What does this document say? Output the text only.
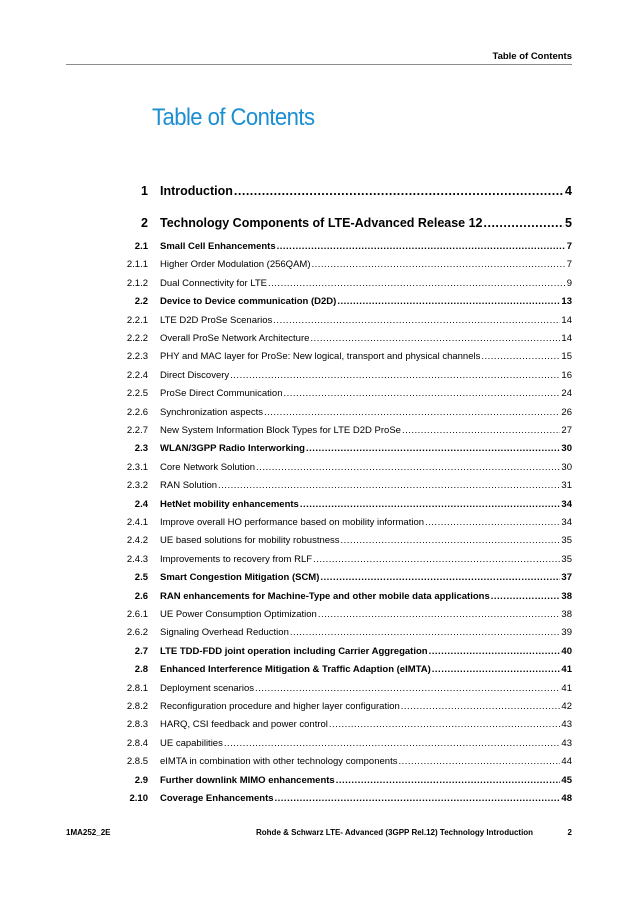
Table of Contents
Table of Contents
1 Introduction .....	4
2 Technology Components of LTE-Advanced Release 12 .....	5
2.1 Small Cell Enhancements .....	7
2.1.1 Higher Order Modulation (256QAM) .....	7
2.1.2 Dual Connectivity for LTE .....	9
2.2 Device to Device communication (D2D) .....	13
2.2.1 LTE D2D ProSe Scenarios .....	14
2.2.2 Overall ProSe Network Architecture .....	14
2.2.3 PHY and MAC layer for ProSe: New logical, transport and physical channels .....	15
2.2.4 Direct Discovery .....	16
2.2.5 ProSe Direct Communication .....	24
2.2.6 Synchronization aspects .....	26
2.2.7 New System Information Block Types for LTE D2D ProSe .....	27
2.3 WLAN/3GPP Radio Interworking .....	30
2.3.1 Core Network Solution .....	30
2.3.2 RAN Solution .....	31
2.4 HetNet mobility enhancements .....	34
2.4.1 Improve overall HO performance based on mobility information .....	34
2.4.2 UE based solutions for mobility robustness .....	35
2.4.3 Improvements to recovery from RLF .....	35
2.5 Smart Congestion Mitigation (SCM) .....	37
2.6 RAN enhancements for Machine-Type and other mobile data applications .....	38
2.6.1 UE Power Consumption Optimization .....	38
2.6.2 Signaling Overhead Reduction .....	39
2.7 LTE TDD-FDD joint operation including Carrier Aggregation .....	40
2.8 Enhanced Interference Mitigation & Traffic Adaption (eIMTA) .....	41
2.8.1 Deployment scenarios .....	41
2.8.2 Reconfiguration procedure and higher layer configuration .....	42
2.8.3 HARQ, CSI feedback and power control .....	43
2.8.4 UE capabilities .....	43
2.8.5 eIMTA in combination with other technology components .....	44
2.9 Further downlink MIMO enhancements .....	45
2.10 Coverage Enhancements .....	48
1MA252_2E	Rohde & Schwarz LTE- Advanced (3GPP Rel.12) Technology Introduction	2
